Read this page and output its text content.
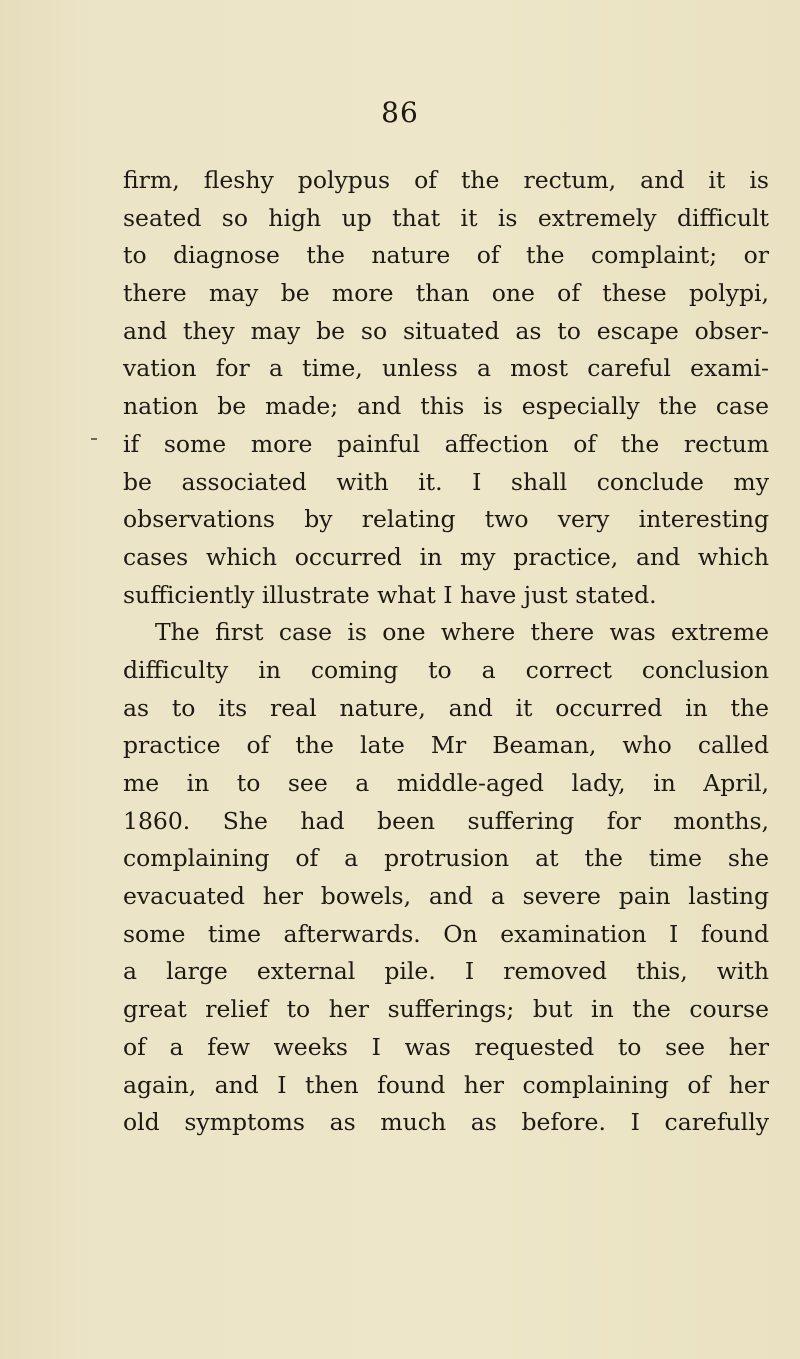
86
firm, fleshy polypus of the rectum, and it is
seated so high up that it is extremely difficult
to diagnose the nature of the complaint; or
there may be more than one of these polypi,
and they may be so situated as to escape obser-
vation for a time, unless a most careful exami-
nation be made; and this is especially the case
if some more painful affection of the rectum
be associated with it. I shall conclude my
observations by relating two very interesting
cases which occurred in my practice, and which
sufficiently illustrate what I have just stated.
The first case is one where there was extreme
difficulty in coming to a correct conclusion
as to its real nature, and it occurred in the
practice of the late Mr Beaman, who called
me in to see a middle-aged lady, in April,
1860. She had been suffering for months,
complaining of a protrusion at the time she
evacuated her bowels, and a severe pain lasting
some time afterwards. On examination I found
a large external pile. I removed this, with
great relief to her sufferings; but in the course
of a few weeks I was requested to see her
again, and I then found her complaining of her
old symptoms as much as before. I carefully
